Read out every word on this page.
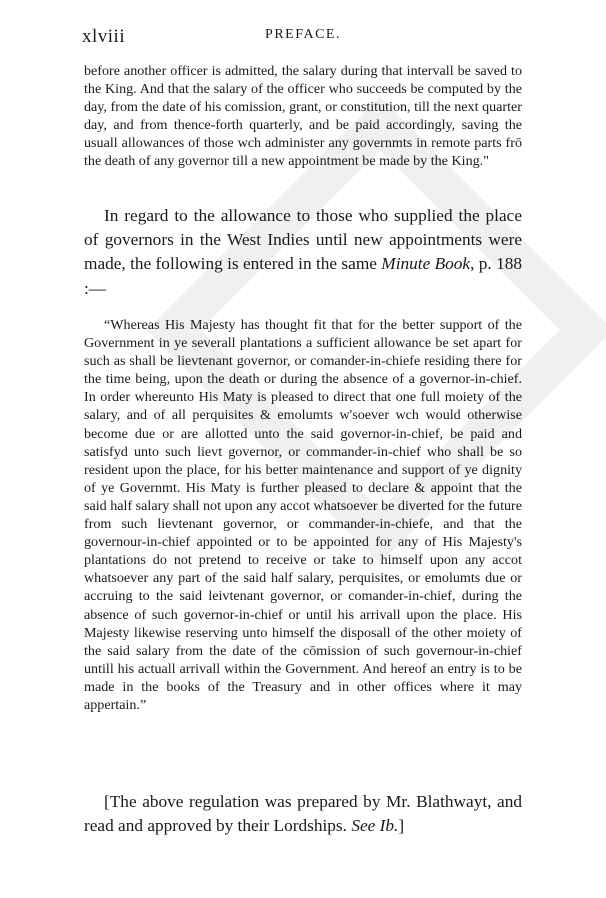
xlviii	PREFACE.

before another officer is admitted, the salary during that intervall be saved to the King. And that the salary of the officer who succeeds be computed by the day, from the date of his comission, grant, or constitution, till the next quarter day, and from thence-forth quarterly, and be paid accordingly, saving the usuall allowances of those wch administer any governmts in remote parts frō the death of any governor till a new appointment be made by the King."

In regard to the allowance to those who supplied the place of governors in the West Indies until new appointments were made, the following is entered in the same Minute Book, p. 188 :—

“Whereas His Majesty has thought fit that for the better support of the Government in ye severall plantations a sufficient allowance be set apart for such as shall be lievtenant governor, or comander-in-chiefe residing there for the time being, upon the death or during the absence of a governor-in-chief. In order whereunto His Maty is pleased to direct that one full moiety of the salary, and of all perquisites & emolumts w'soever wch would otherwise become due or are allotted unto the said governor-in-chief, be paid and satisfyd unto such lievt governor, or commander-in-chief who shall be so resident upon the place, for his better maintenance and support of ye dignity of ye Governmt. His Maty is further pleased to declare & appoint that the said half salary shall not upon any accot whatsoever be diverted for the future from such lievtenant governor, or commander-in-chiefe, and that the governour-in-chief appointed or to be appointed for any of His Majesty's plantations do not pretend to receive or take to himself upon any accot whatsoever any part of the said half salary, perquisites, or emolumts due or accruing to the said leivtenant governor, or comander-in-chief, during the absence of such governor-in-chief or until his arrivall upon the place. His Majesty likewise reserving unto himself the disposall of the other moiety of the said salary from the date of the cōmission of such governour-in-chief untill his actuall arrivall within the Government. And hereof an entry is to be made in the books of the Treasury and in other offices where it may appertain.”

[The above regulation was prepared by Mr. Blathwayt, and read and approved by their Lordships. See Ib.]
